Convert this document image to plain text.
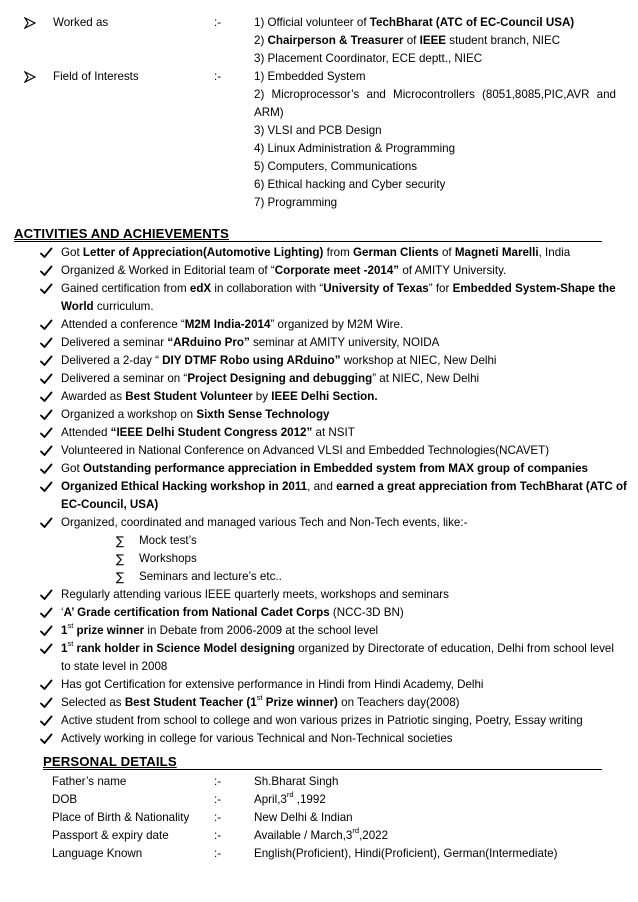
Worked as	:-	1) Official volunteer of TechBharat (ATC of EC-Council USA)
2) Chairperson & Treasurer of IEEE student branch, NIEC
3) Placement Coordinator, ECE deptt., NIEC
Field of Interests	:-	1) Embedded System
2) Microprocessor’s and Microcontrollers (8051,8085,PIC,AVR and
ARM)
3) VLSI and PCB Design
4) Linux Administration & Programming
5) Computers, Communications
6) Ethical hacking and Cyber security
7) Programming
ACTIVITIES AND ACHIEVEMENTS
Got Letter of Appreciation(Automotive Lighting) from German Clients of Magneti Marelli, India
Organized & Worked in Editorial team of “Corporate meet -2014” of AMITY University.
Gained certification from edX in collaboration with “University of Texas” for Embedded System-Shape the
World curriculum.
Attended a conference “M2M India-2014” organized by M2M Wire.
Delivered a seminar “ARduino Pro” seminar at AMITY university, NOIDA
Delivered a 2-day “ DIY DTMF Robo using ARduino” workshop at NIEC, New Delhi
Delivered a seminar on “Project Designing and debugging” at NIEC, New Delhi
Awarded as Best Student Volunteer by IEEE Delhi Section.
Organized a workshop on Sixth Sense Technology
Attended “IEEE Delhi Student Congress 2012” at NSIT
Volunteered in National Conference on Advanced VLSI and Embedded Technologies(NCAVET)
Got Outstanding performance appreciation in Embedded system from MAX group of companies
Organized Ethical Hacking workshop in 2011, and earned a great appreciation from TechBharat (ATC of
EC-Council, USA)
Organized, coordinated and managed various Tech and Non-Tech events, like:-
∑ Mock test’s
∑ Workshops
∑ Seminars and lecture’s etc..
Regularly attending various IEEE quarterly meets, workshops and seminars
‘A’ Grade certification from National Cadet Corps (NCC-3D BN)
1st prize winner in Debate from 2006-2009 at the school level
1st rank holder in Science Model designing organized by Directorate of education, Delhi from school level
to state level in 2008
Has got Certification for extensive performance in Hindi from Hindi Academy, Delhi
Selected as Best Student Teacher (1st Prize winner) on Teachers day(2008)
Active student from school to college and won various prizes in Patriotic singing, Poetry, Essay writing
Actively working in college for various Technical and Non-Technical societies
PERSONAL DETAILS
Father’s name	:-	Sh.Bharat Singh
DOB	:-	April,3rd ,1992
Place of Birth & Nationality :-	New Delhi & Indian
Passport & expiry date	:-	Available / March,3rd,2022
Language Known	:-	English(Proficient), Hindi(Proficient), German(Intermediate)
